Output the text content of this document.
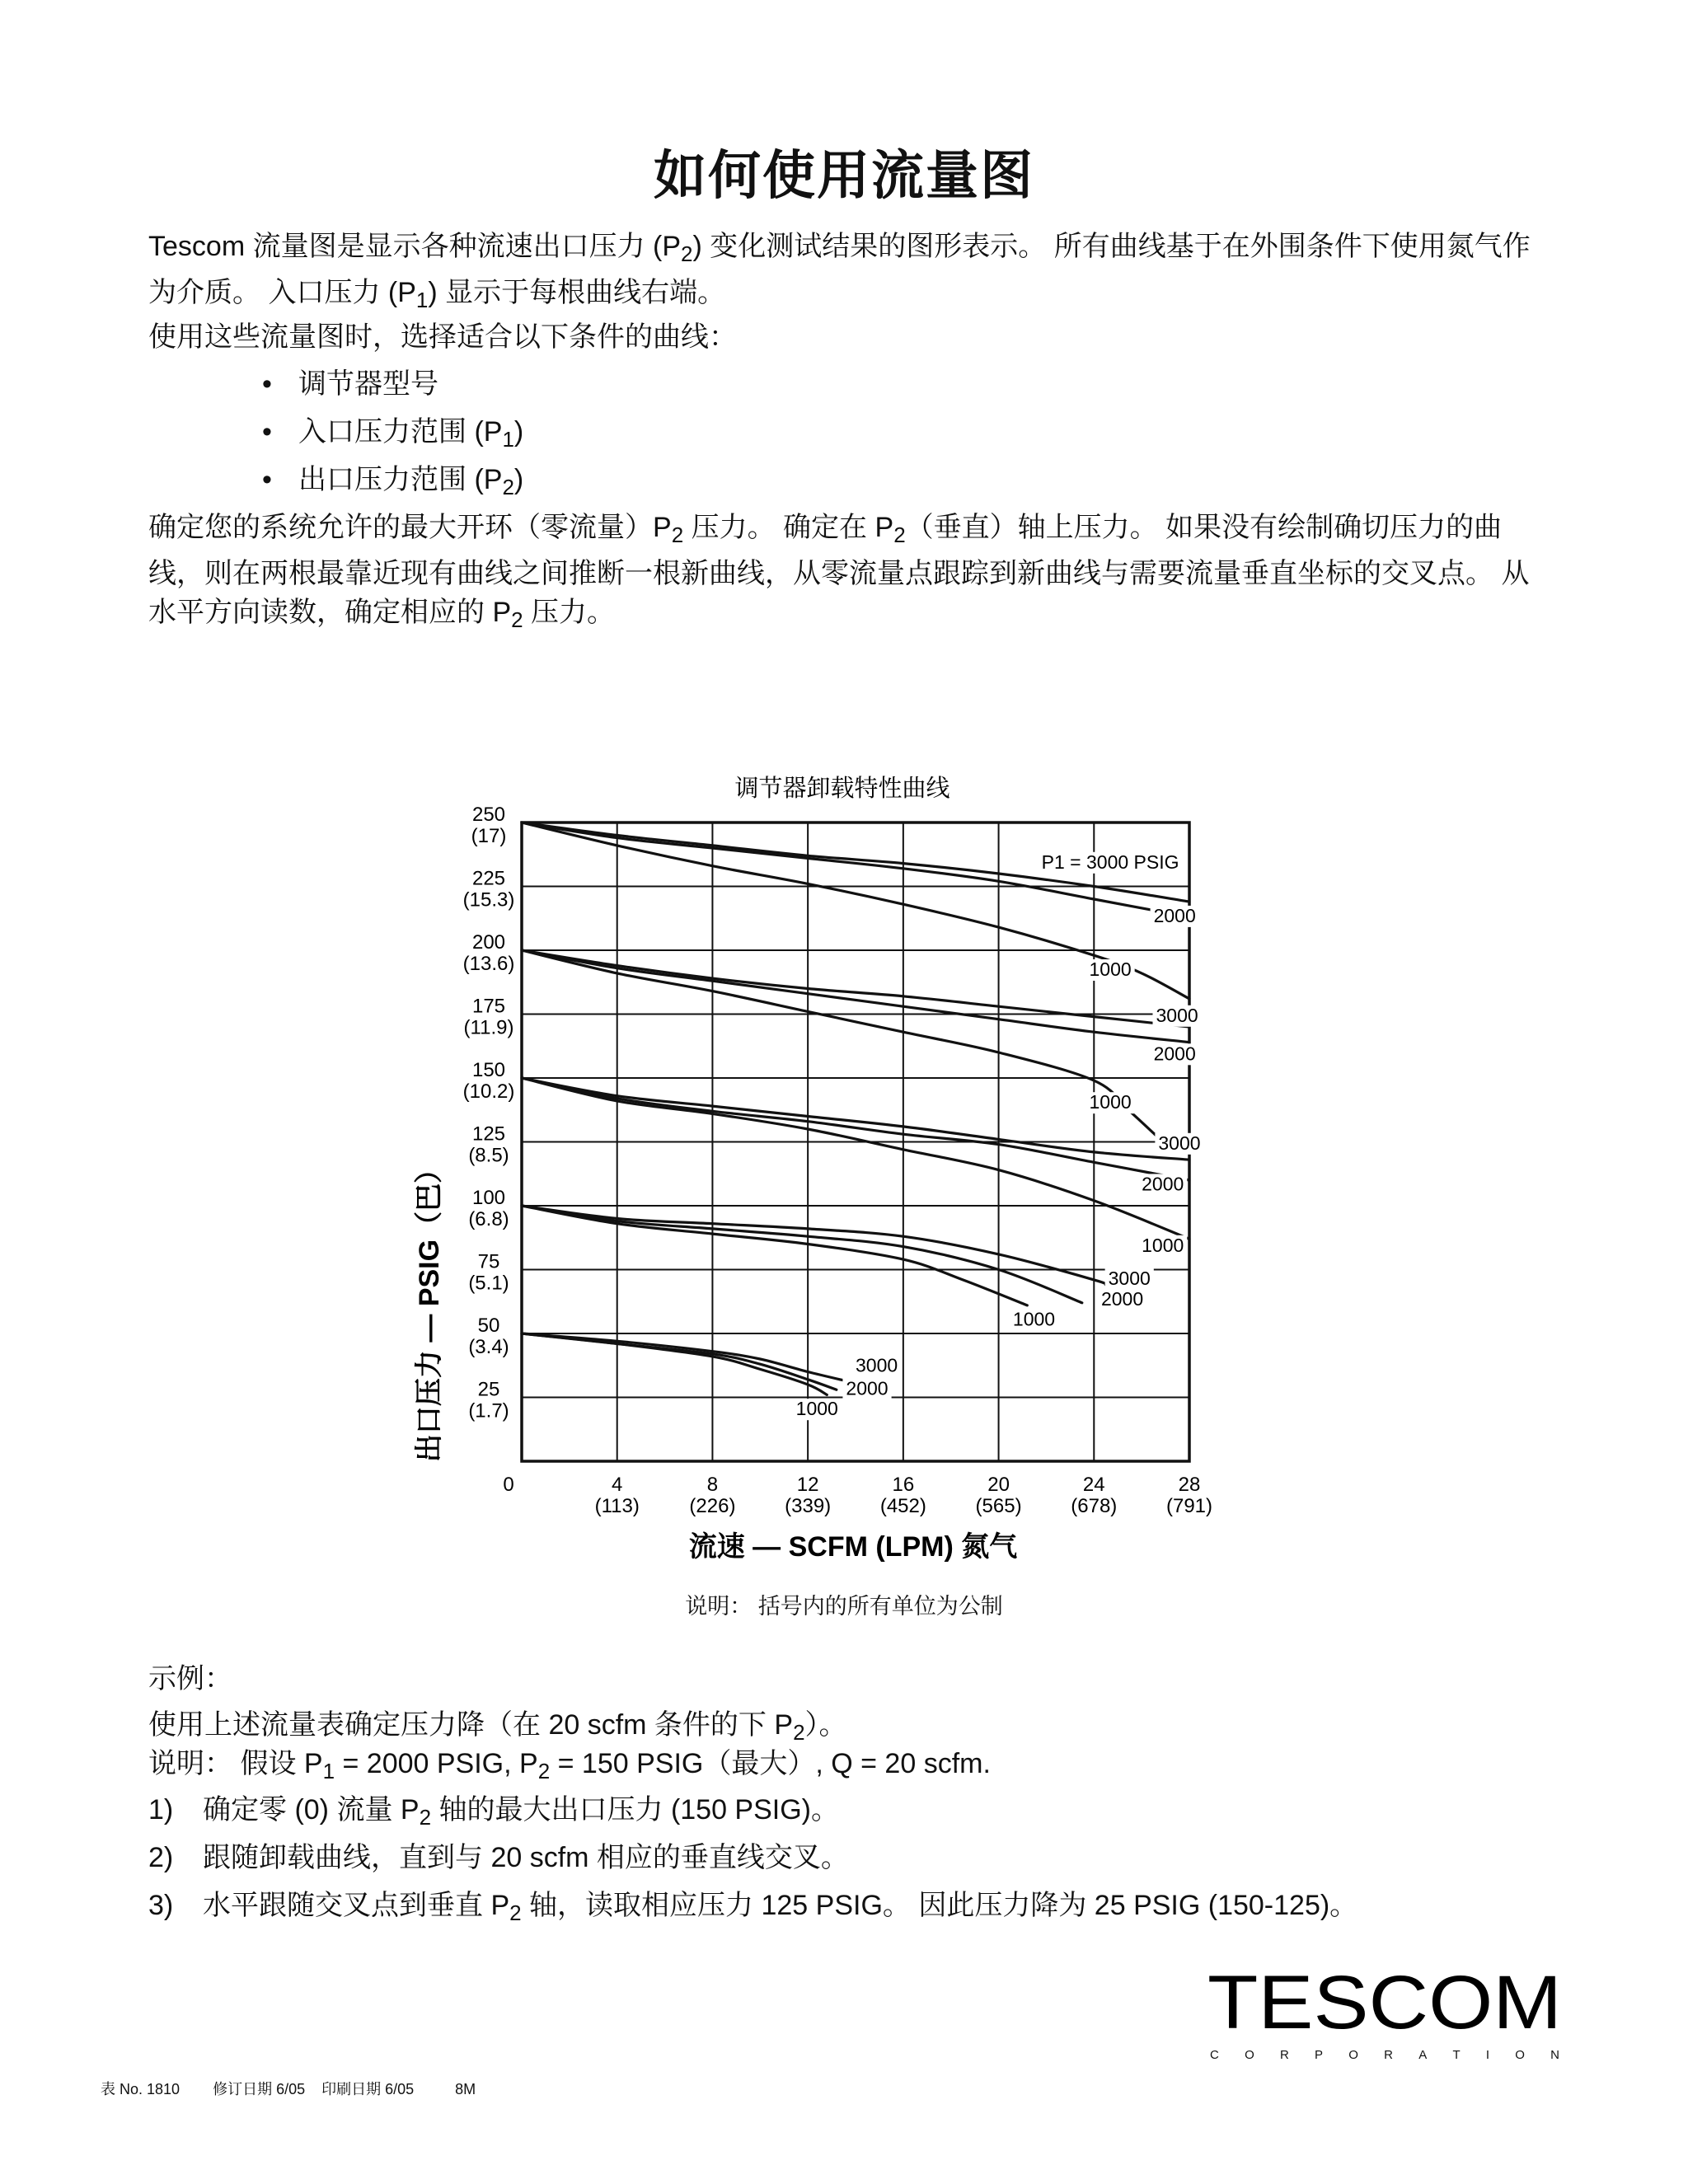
如何使用流量图

Tescom 流量图是显示各种流速出口压力 $(P_2)$ 变化测试结果的图形表示。 所有曲线基于在外围条件下使用氮气作为介质。 入口压力 $(P_1)$ 显示于每根曲线右端。

使用这些流量图时，选择适合以下条件的曲线：

• 调节器型号

• 入口压力范围 $(P_1)$

• 出口压力范围 $(P_2)$

确定您的系统允许的最大开环（零流量）$P_2$ 压力。 确定在 $P_2$（垂直）轴上压力。 如果没有绘制确切压力的曲线，则在两根最靠近现有曲线之间推断一根新曲线，从零流量点跟踪到新曲线与需要流量垂直坐标的交叉点。 从水平方向读数，确定相应的 $P_2$ 压力。

调节器卸载特性曲线
250
(17)
225
(15.3)
200
(13.6)
175
(11.9)
150
(10.2)
125
(8.5)
100
(6.8)
75
(5.1)
50
(3.4)
25
(1.7)
0	4
(113)
8
(226)
12
(339)
16
(452)
20
(565)
24
(678)
28
(791)
P1 = 3000 PSIG
2000
1000
3000
2000
1000
3000
2000
1000
3000
2000
1000
3000
2000
1000
流速 — SCFM (LPM) 氮气
出口压力 — PSIG（巴）
说明： 括号内的所有单位为公制
示例：
使用上述流量表确定压力降（在 20 scfm 条件的下 $P_2$）。
说明： 假设 $P_1 = 2000$ PSIG, $P_2 = 150$ PSIG（最大）, Q = 20 scfm.
1) 确定零 (0) 流量 $P_2$ 轴的最大出口压力 (150 PSIG)。
2) 跟随卸载曲线，直到与 20 scfm 相应的垂直线交叉。
3) 水平跟随交叉点到垂直 $P_2$ 轴，读取相应压力 125 PSIG。 因此压力降为 25 PSIG (150-125)。
TESCOM
C O R P O R A T I O N
表 No. 1810        修订日期 6/05    印刷日期 6/05          8M
